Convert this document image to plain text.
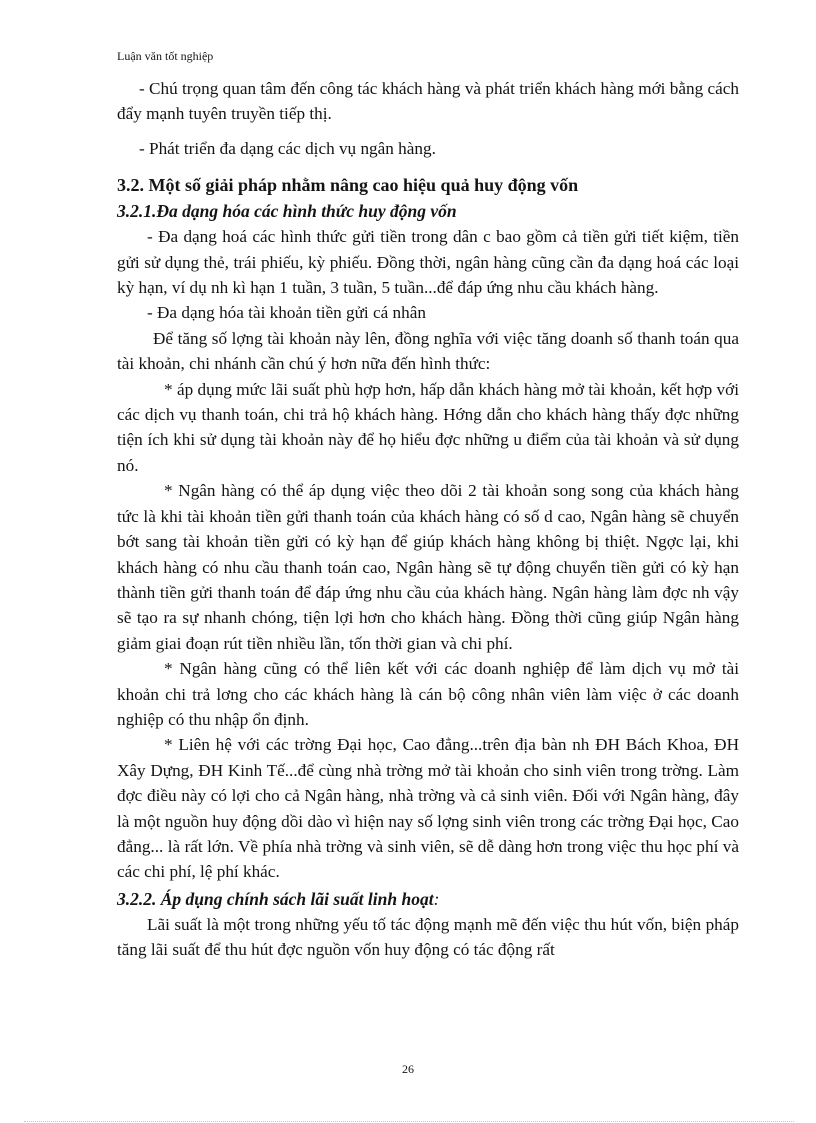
Luận văn tốt nghiệp

- Chú trọng quan tâm đến công tác khách hàng và phát triển khách hàng mới bằng cách đẩy mạnh tuyên truyền tiếp thị.

- Phát triển đa dạng các dịch vụ ngân hàng.

3.2. Một số giải pháp nhằm nâng cao hiệu quả huy động vốn
3.2.1.Đa dạng hóa các hình thức huy động vốn

- Đa dạng hoá các hình thức gửi tiền trong dân c bao gồm cả tiền gửi tiết kiệm, tiền gửi sử dụng thẻ, trái phiếu, kỳ phiếu. Đồng thời, ngân hàng cũng cần đa dạng hoá các loại kỳ hạn, ví dụ nh kì hạn 1 tuần, 3 tuần, 5 tuần...để đáp ứng nhu cầu khách hàng.

- Đa dạng hóa tài khoản tiền gửi cá nhân

Để tăng số lợng tài khoản này lên, đồng nghĩa với việc tăng doanh số thanh toán qua tài khoản, chi nhánh cần chú ý hơn nữa đến hình thức:

* áp dụng mức lãi suất phù hợp hơn, hấp dẫn khách hàng mở tài khoản, kết hợp với các dịch vụ thanh toán, chi trả hộ khách hàng. Hớng dẫn cho khách hàng thấy đợc những tiện ích khi sử dụng tài khoản này để họ hiểu đợc những u điểm của tài khoản và sử dụng nó.

* Ngân hàng có thể áp dụng việc theo dõi 2 tài khoản song song của khách hàng tức là khi tài khoản tiền gửi thanh toán của khách hàng có số d cao, Ngân hàng sẽ chuyển bớt sang tài khoản tiền gửi có kỳ hạn để giúp khách hàng không bị thiệt. Ngợc lại, khi khách hàng có nhu cầu thanh toán cao, Ngân hàng sẽ tự động chuyển tiền gửi có kỳ hạn thành tiền gửi thanh toán để đáp ứng nhu cầu của khách hàng. Ngân hàng làm đợc nh vậy sẽ tạo ra sự nhanh chóng, tiện lợi hơn cho khách hàng. Đồng thời cũng giúp Ngân hàng giảm giai đoạn rút tiền nhiều lần, tốn thời gian và chi phí.

* Ngân hàng cũng có thể liên kết với các doanh nghiệp để làm dịch vụ mở tài khoản chi trả lơng cho các khách hàng là cán bộ công nhân viên làm việc ở các doanh nghiệp có thu nhập ổn định.

* Liên hệ với các trờng Đại học, Cao đẳng...trên địa bàn nh ĐH Bách Khoa, ĐH Xây Dựng, ĐH Kinh Tế...để cùng nhà trờng mở tài khoản cho sinh viên trong trờng. Làm đợc điều này có lợi cho cả Ngân hàng, nhà trờng và cả sinh viên. Đối với Ngân hàng, đây là một nguồn huy động dồi dào vì hiện nay số lợng sinh viên trong các trờng Đại học, Cao đẳng... là rất lớn. Về phía nhà trờng và sinh viên, sẽ dễ dàng hơn trong việc thu học phí và các chi phí, lệ phí khác.

3.2.2. Áp dụng chính sách lãi suất linh hoạt:

Lãi suất là một trong những yếu tố tác động mạnh mẽ đến việc thu hút vốn, biện pháp tăng lãi suất để thu hút đợc nguồn vốn huy động có tác động rất

26
